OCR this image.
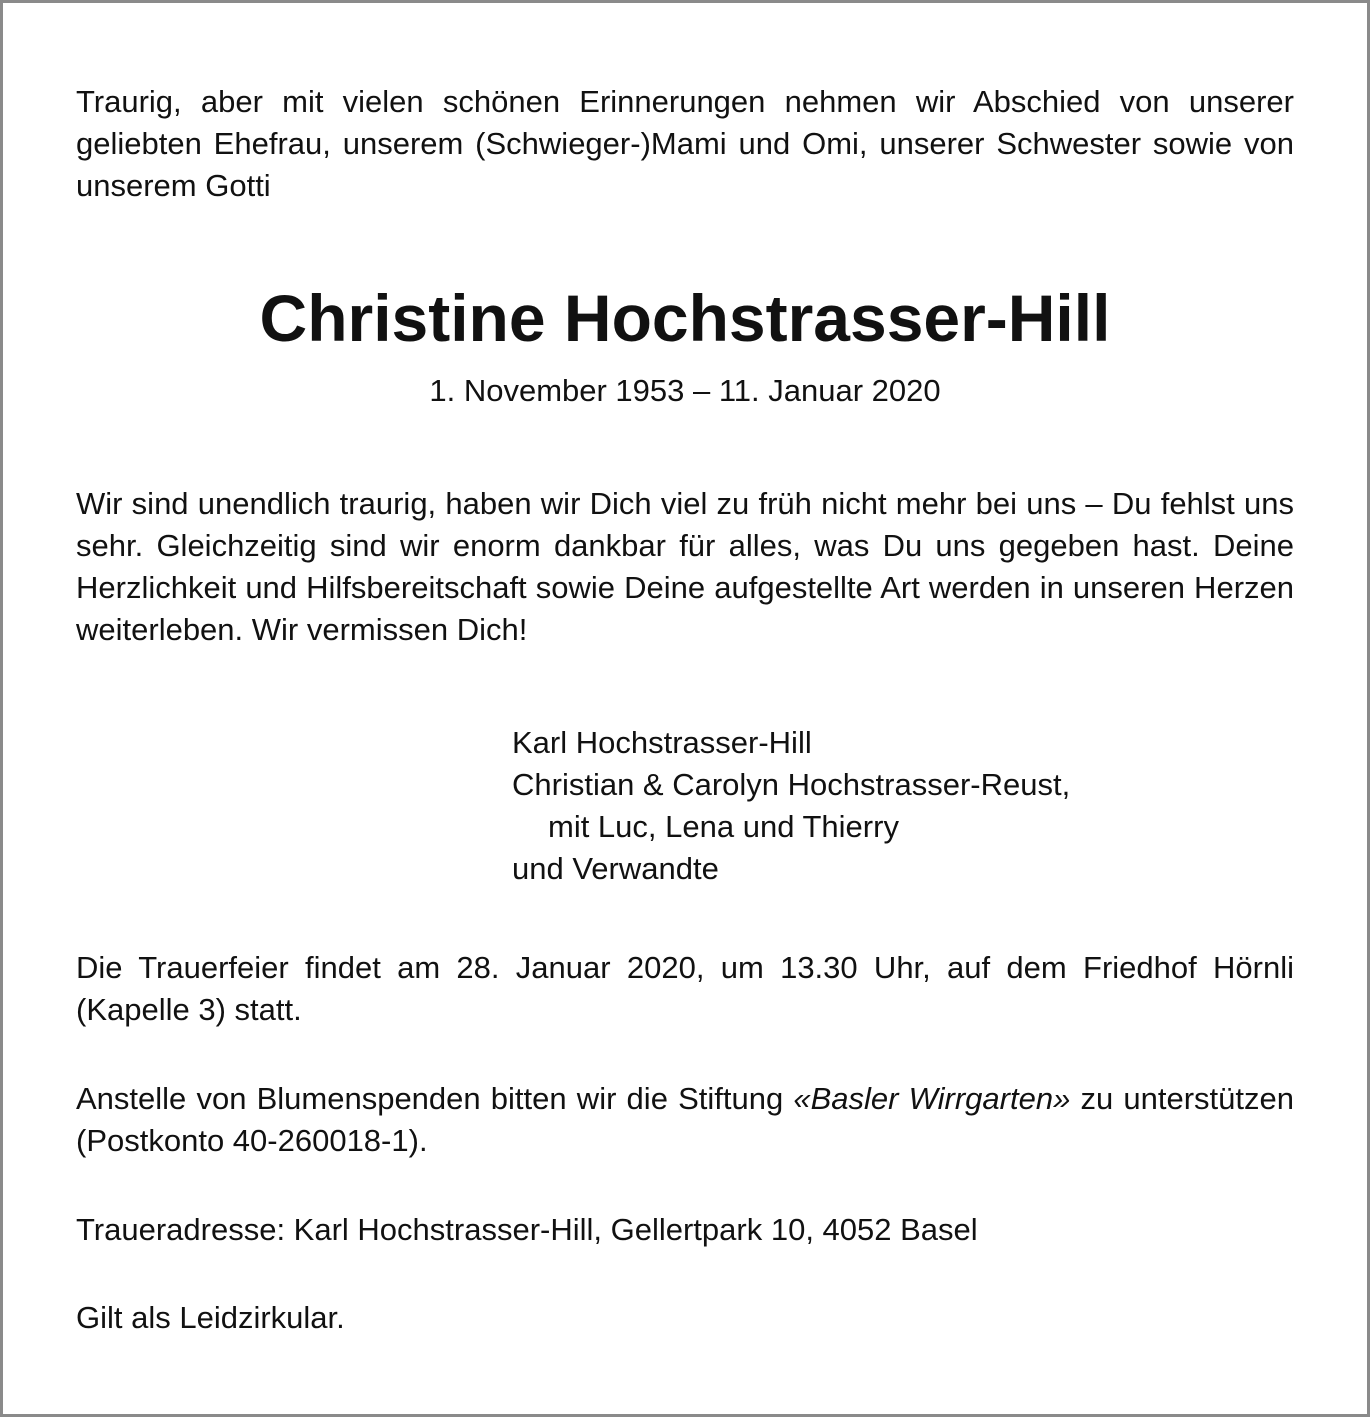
Traurig, aber mit vielen schönen Erinnerungen nehmen wir Abschied von unserer geliebten Ehefrau, unserem (Schwieger-)Mami und Omi, unserer Schwester sowie von unserem Gotti

Christine Hochstrasser-Hill

1. November 1953 – 11. Januar 2020

Wir sind unendlich traurig, haben wir Dich viel zu früh nicht mehr bei uns – Du fehlst uns sehr. Gleichzeitig sind wir enorm dankbar für alles, was Du uns gegeben hast. Deine Herzlichkeit und Hilfsbereitschaft sowie Deine aufgestellte Art werden in unseren Herzen weiterleben. Wir vermissen Dich!

Karl Hochstrasser-Hill
Christian & Carolyn Hochstrasser-Reust,
mit Luc, Lena und Thierry
und Verwandte

Die Trauerfeier findet am 28. Januar 2020, um 13.30 Uhr, auf dem Friedhof Hörnli (Kapelle 3) statt.

Anstelle von Blumenspenden bitten wir die Stiftung «Basler Wirrgarten» zu unterstützen (Postkonto 40-260018-1).

Traueradresse: Karl Hochstrasser-Hill, Gellertpark 10, 4052 Basel

Gilt als Leidzirkular.
